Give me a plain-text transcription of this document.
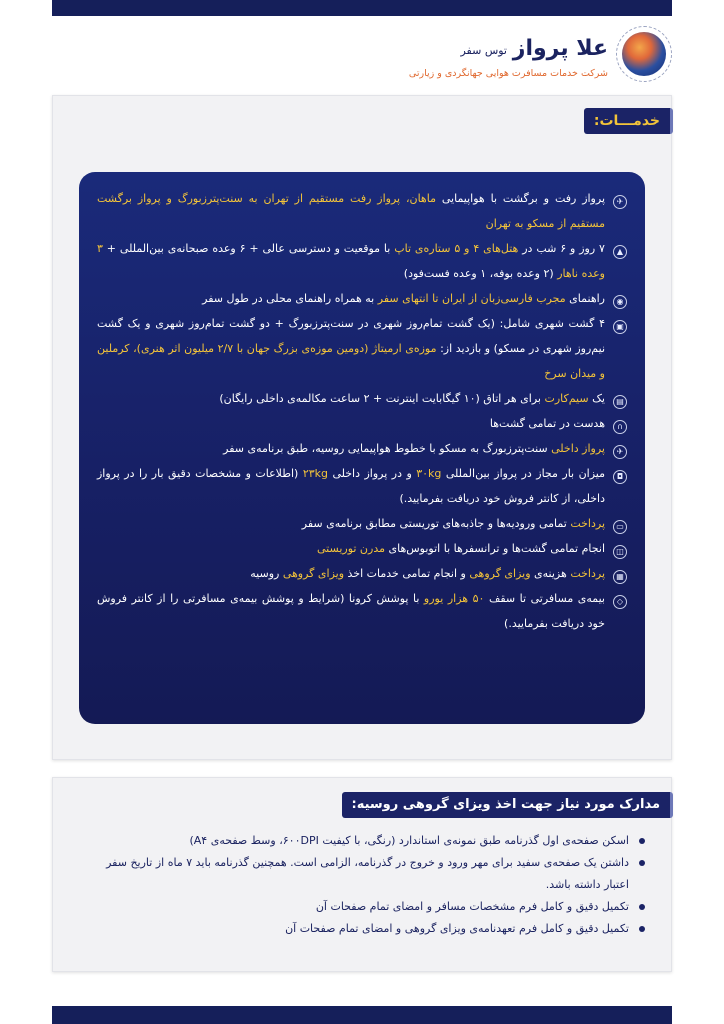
علا پرواز
توس سفر
شرکت خدمات مسافرت هوایی جهانگردی و زیارتی
خدمـــات:
✈
پرواز رفت و برگشت با هواپیمایی ماهان، پرواز رفت مستقیم از تهران به سنت‌پترزبورگ و پرواز برگشت مستقیم از مسکو به تهران
▲
۷ روز و ۶ شب در هتل‌های ۴ و ۵ ستاره‌ی تاپ با موقعیت و دسترسی عالی + ۶ وعده صبحانه‌ی بین‌المللی + ۳ وعده ناهار (۲ وعده بوفه، ۱ وعده فست‌فود)
◉
راهنمای مجرب فارسی‌زبان از ایران تا انتهای سفر به همراه راهنمای محلی در طول سفر
▣
۴ گشت شهری شامل: (یک گشت تمام‌روز شهری در سنت‌پترزبورگ + دو گشت تمام‌روز شهری و یک گشت نیم‌روز شهری در مسکو) و بازدید از: موزه‌ی ارمیتاژ (دومین موزه‌ی بزرگ جهان با ۲/۷ میلیون اثر هنری)، کرملین و میدان سرخ
▤
یک سیم‌کارت برای هر اتاق (۱۰ گیگابایت اینترنت + ۲ ساعت مکالمه‌ی داخلی رایگان)
∩
هدست در تمامی گشت‌ها
✈
پرواز داخلی سنت‌پترزبورگ به مسکو با خطوط هواپیمایی روسیه، طبق برنامه‌ی سفر
◘
میزان بار مجاز در پرواز بین‌المللی ۳۰kg و در پرواز داخلی ۲۳kg (اطلاعات و مشخصات دقیق بار را در پرواز داخلی، از کانتر فروش خود دریافت بفرمایید.)
▭
پرداخت تمامی ورودیه‌ها و جاذبه‌های توریستی مطابق برنامه‌ی سفر
◫
انجام تمامی گشت‌ها و ترانسفرها با اتوبوس‌های مدرن توریستی
▦
پرداخت هزینه‌ی ویزای گروهی و انجام تمامی خدمات اخذ ویزای گروهی روسیه
◇
بیمه‌ی مسافرتی تا سقف ۵۰ هزار یورو با پوشش کرونا (شرایط و پوشش بیمه‌ی مسافرتی را از کانتر فروش خود دریافت بفرمایید.)
مدارک مورد نیاز جهت اخذ ویزای گروهی روسیه:
اسکن صفحه‌ی اول گذرنامه طبق نمونه‌ی استاندارد (رنگی، با کیفیت ۶۰۰DPI، وسط صفحه‌ی A۴)
داشتن یک صفحه‌ی سفید برای مهر ورود و خروج در گذرنامه، الزامی است. همچنین گذرنامه باید ۷ ماه از تاریخ سفر اعتبار داشته باشد.
تکمیل دقیق و کامل فرم مشخصات مسافر و امضای تمام صفحات آن
تکمیل دقیق و کامل فرم تعهدنامه‌ی ویزای گروهی و امضای تمام صفحات آن
